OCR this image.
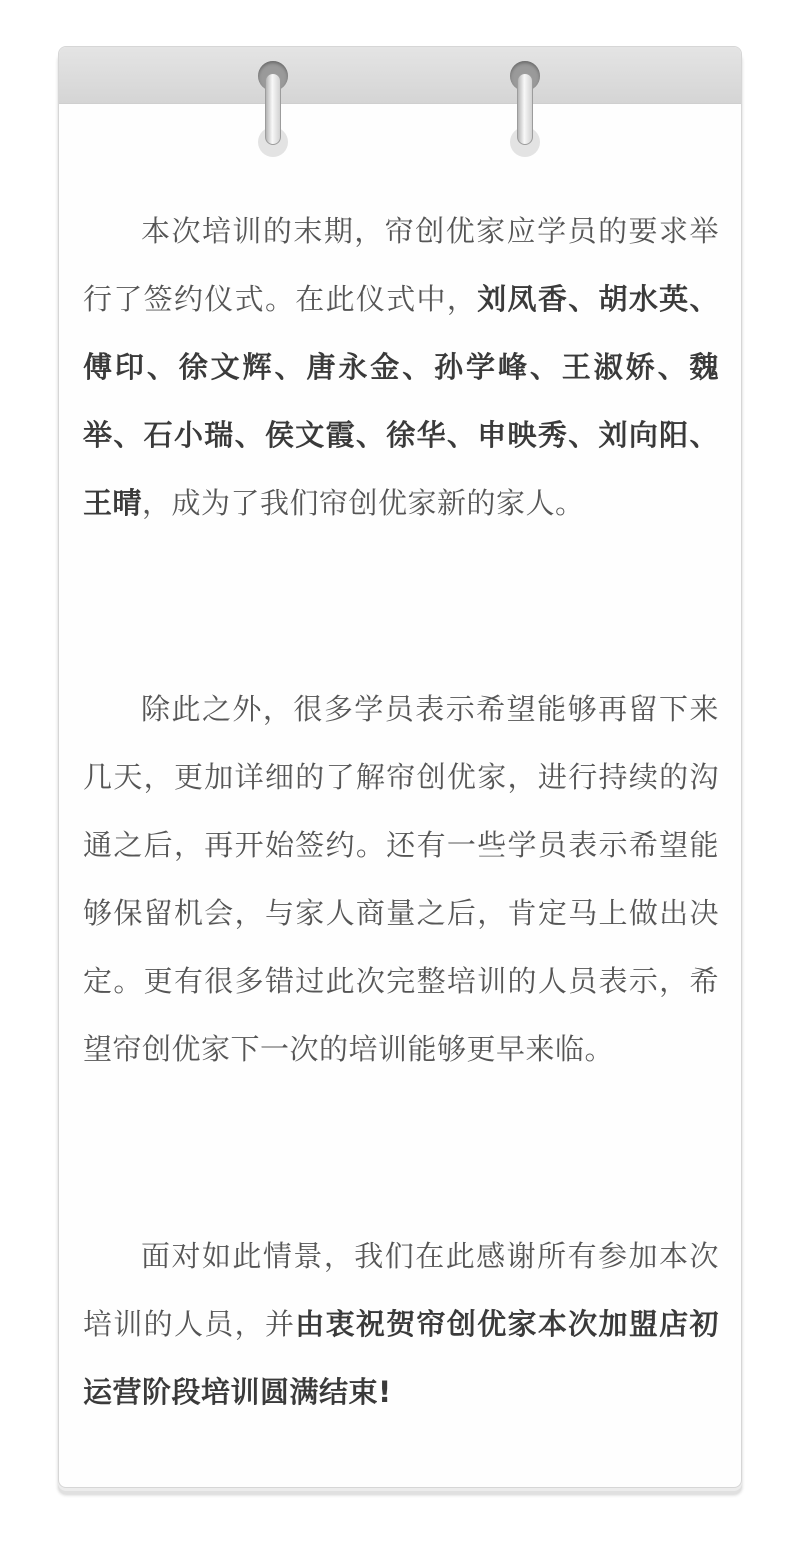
本次培训的末期，帘创优家应学员的要求举行了签约仪式。在此仪式中，刘凤香、胡水英、傅印、徐文辉、唐永金、孙学峰、王淑娇、魏举、石小瑞、侯文霞、徐华、申映秀、刘向阳、王晴，成为了我们帘创优家新的家人。

除此之外，很多学员表示希望能够再留下来几天，更加详细的了解帘创优家，进行持续的沟通之后，再开始签约。还有一些学员表示希望能够保留机会，与家人商量之后，肯定马上做出决定。更有很多错过此次完整培训的人员表示，希望帘创优家下一次的培训能够更早来临。

面对如此情景，我们在此感谢所有参加本次培训的人员，并由衷祝贺帘创优家本次加盟店初运营阶段培训圆满结束!
